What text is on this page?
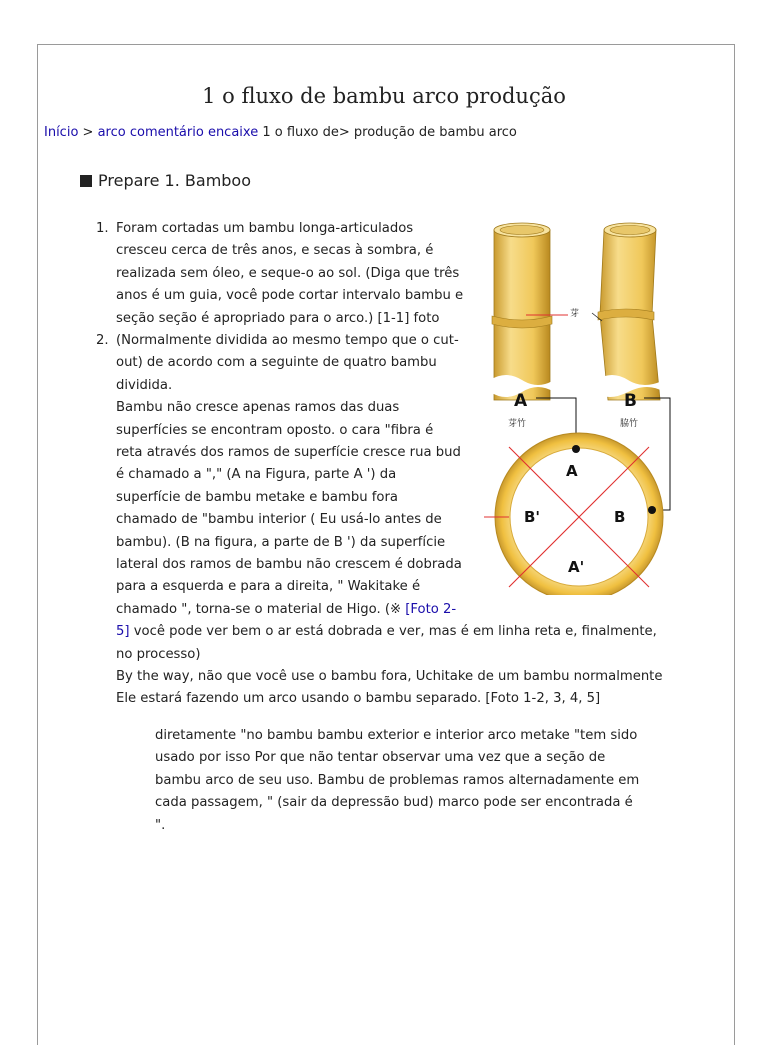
1 o fluxo de bambu arco produção
Início > arco comentário encaixe 1 o fluxo de> produção de bambu arco
Prepare 1. Bamboo
1. Foram cortadas um bambu longa-articulados
cresceu cerca de três anos, e secas à sombra, é
realizada sem óleo, e seque-o ao sol. (Diga que três
anos é um guia, você pode cortar intervalo bambu e
seção seção é apropriado para o arco.) [1-1] foto
2. (Normalmente dividida ao mesmo tempo que o cut-
out) de acordo com a seguinte de quatro bambu
dividida.
Bambu não cresce apenas ramos das duas
superfícies se encontram oposto. o cara "fibra é
reta através dos ramos de superfície cresce rua bud
é chamado a "," (A na Figura, parte A ') da
superfície de bambu metake e bambu fora
chamado de "bambu interior ( Eu usá-lo antes de
bambu). (B na figura, a parte de B ') da superfície
lateral dos ramos de bambu não crescem é dobrada
para a esquerda e para a direita, " Wakitake é
chamado ", torna-se o material de Higo. (※ [Foto 2-
5] você pode ver bem o ar está dobrada e ver, mas é em linha reta e, finalmente,
no processo)
By the way, não que você use o bambu fora, Uchitake de um bambu normalmente
Ele estará fazendo um arco usando o bambu separado. [Foto 1-2, 3, 4, 5]
diretamente "no bambu bambu exterior e interior arco metake "tem sido
usado por isso Por que não tentar observar uma vez que a seção de
bambu arco de seu uso. Bambu de problemas ramos alternadamente em
cada passagem, " (sair da depressão bud) marco pode ser encontrada é
".
芽
A	B
芽竹	脇竹
A
B
B'
A'
